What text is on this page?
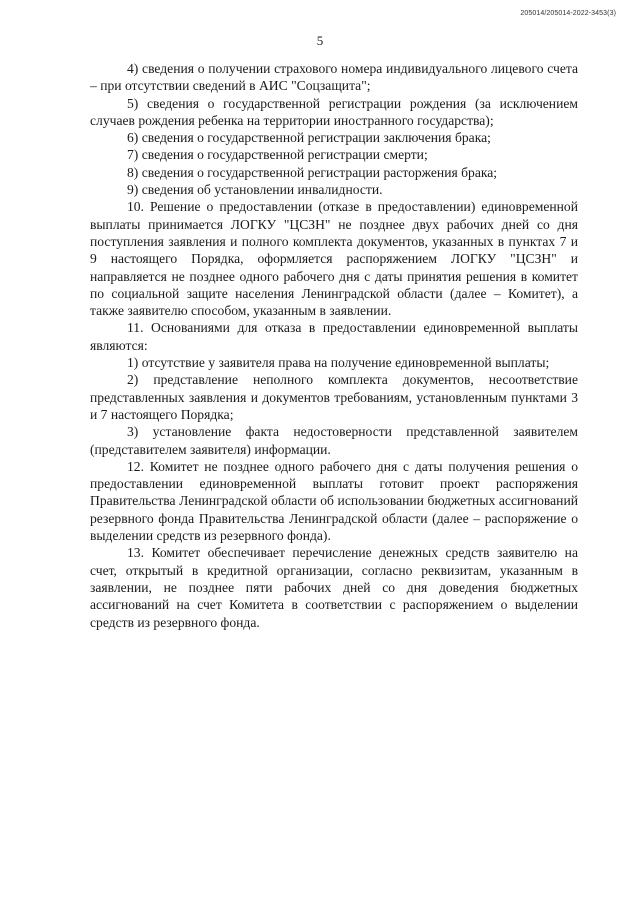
205014/205014-2022-3453(3)
5

4) сведения о получении страхового номера индивидуального лицевого счета – при отсутствии сведений в АИС "Соцзащита";

5) сведения о государственной регистрации рождения (за исключением случаев рождения ребенка на территории иностранного государства);

6) сведения о государственной регистрации заключения брака;

7) сведения о государственной регистрации смерти;

8) сведения о государственной регистрации расторжения брака;

9) сведения об установлении инвалидности.

10. Решение о предоставлении (отказе в предоставлении) единовременной выплаты принимается ЛОГКУ "ЦСЗН" не позднее двух рабочих дней со дня поступления заявления и полного комплекта документов, указанных в пунктах 7 и 9 настоящего Порядка, оформляется распоряжением ЛОГКУ "ЦСЗН" и направляется не позднее одного рабочего дня с даты принятия решения в комитет по социальной защите населения Ленинградской области (далее – Комитет), а также заявителю способом, указанным в заявлении.

11. Основаниями для отказа в предоставлении единовременной выплаты являются:

1) отсутствие у заявителя права на получение единовременной выплаты;

2) представление неполного комплекта документов, несоответствие представленных заявления и документов требованиям, установленным пунктами 3 и 7 настоящего Порядка;

3) установление факта недостоверности представленной заявителем (представителем заявителя) информации.

12. Комитет не позднее одного рабочего дня с даты получения решения о предоставлении единовременной выплаты готовит проект распоряжения Правительства Ленинградской области об использовании бюджетных ассигнований резервного фонда Правительства Ленинградской области (далее – распоряжение о выделении средств из резервного фонда).

13. Комитет обеспечивает перечисление денежных средств заявителю на счет, открытый в кредитной организации, согласно реквизитам, указанным в заявлении, не позднее пяти рабочих дней со дня доведения бюджетных ассигнований на счет Комитета в соответствии с распоряжением о выделении средств из резервного фонда.
